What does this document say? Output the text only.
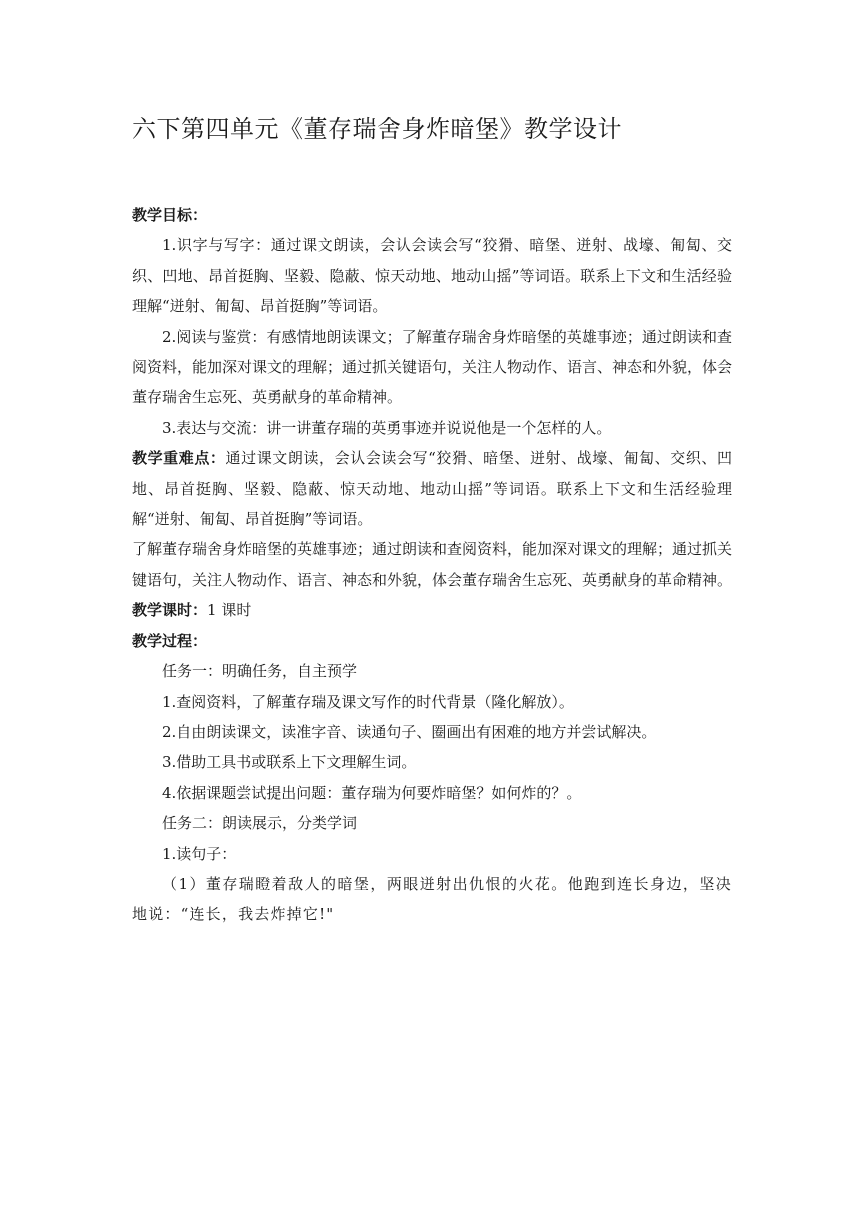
六下第四单元《董存瑞舍身炸暗堡》教学设计

教学目标：

1.识字与写字：通过课文朗读，会认会读会写“狡猾、暗堡、迸射、战壕、匍匐、交织、凹地、昂首挺胸、坚毅、隐蔽、惊天动地、地动山摇”等词语。联系上下文和生活经验理解“迸射、匍匐、昂首挺胸”等词语。

2.阅读与鉴赏：有感情地朗读课文；了解董存瑞舍身炸暗堡的英雄事迹；通过朗读和查阅资料，能加深对课文的理解；通过抓关键语句，关注人物动作、语言、神态和外貌，体会董存瑞舍生忘死、英勇献身的革命精神。

3.表达与交流：讲一讲董存瑞的英勇事迹并说说他是一个怎样的人。

教学重难点：通过课文朗读，会认会读会写“狡猾、暗堡、迸射、战壕、匍匐、交织、凹地、昂首挺胸、坚毅、隐蔽、惊天动地、地动山摇”等词语。联系上下文和生活经验理解“迸射、匍匐、昂首挺胸”等词语。

了解董存瑞舍身炸暗堡的英雄事迹；通过朗读和查阅资料，能加深对课文的理解；通过抓关键语句，关注人物动作、语言、神态和外貌，体会董存瑞舍生忘死、英勇献身的革命精神。

教学课时：1 课时

教学过程：

任务一：明确任务，自主预学

1.查阅资料，了解董存瑞及课文写作的时代背景（隆化解放）。

2.自由朗读课文，读准字音、读通句子、圈画出有困难的地方并尝试解决。

3.借助工具书或联系上下文理解生词。

4.依据课题尝试提出问题：董存瑞为何要炸暗堡？如何炸的？。

任务二：朗读展示，分类学词

1.读句子：

（1）董存瑞瞪着敌人的暗堡，两眼迸射出仇恨的火花。他跑到连长身边，坚决地说：“连长，我去炸掉它!"
